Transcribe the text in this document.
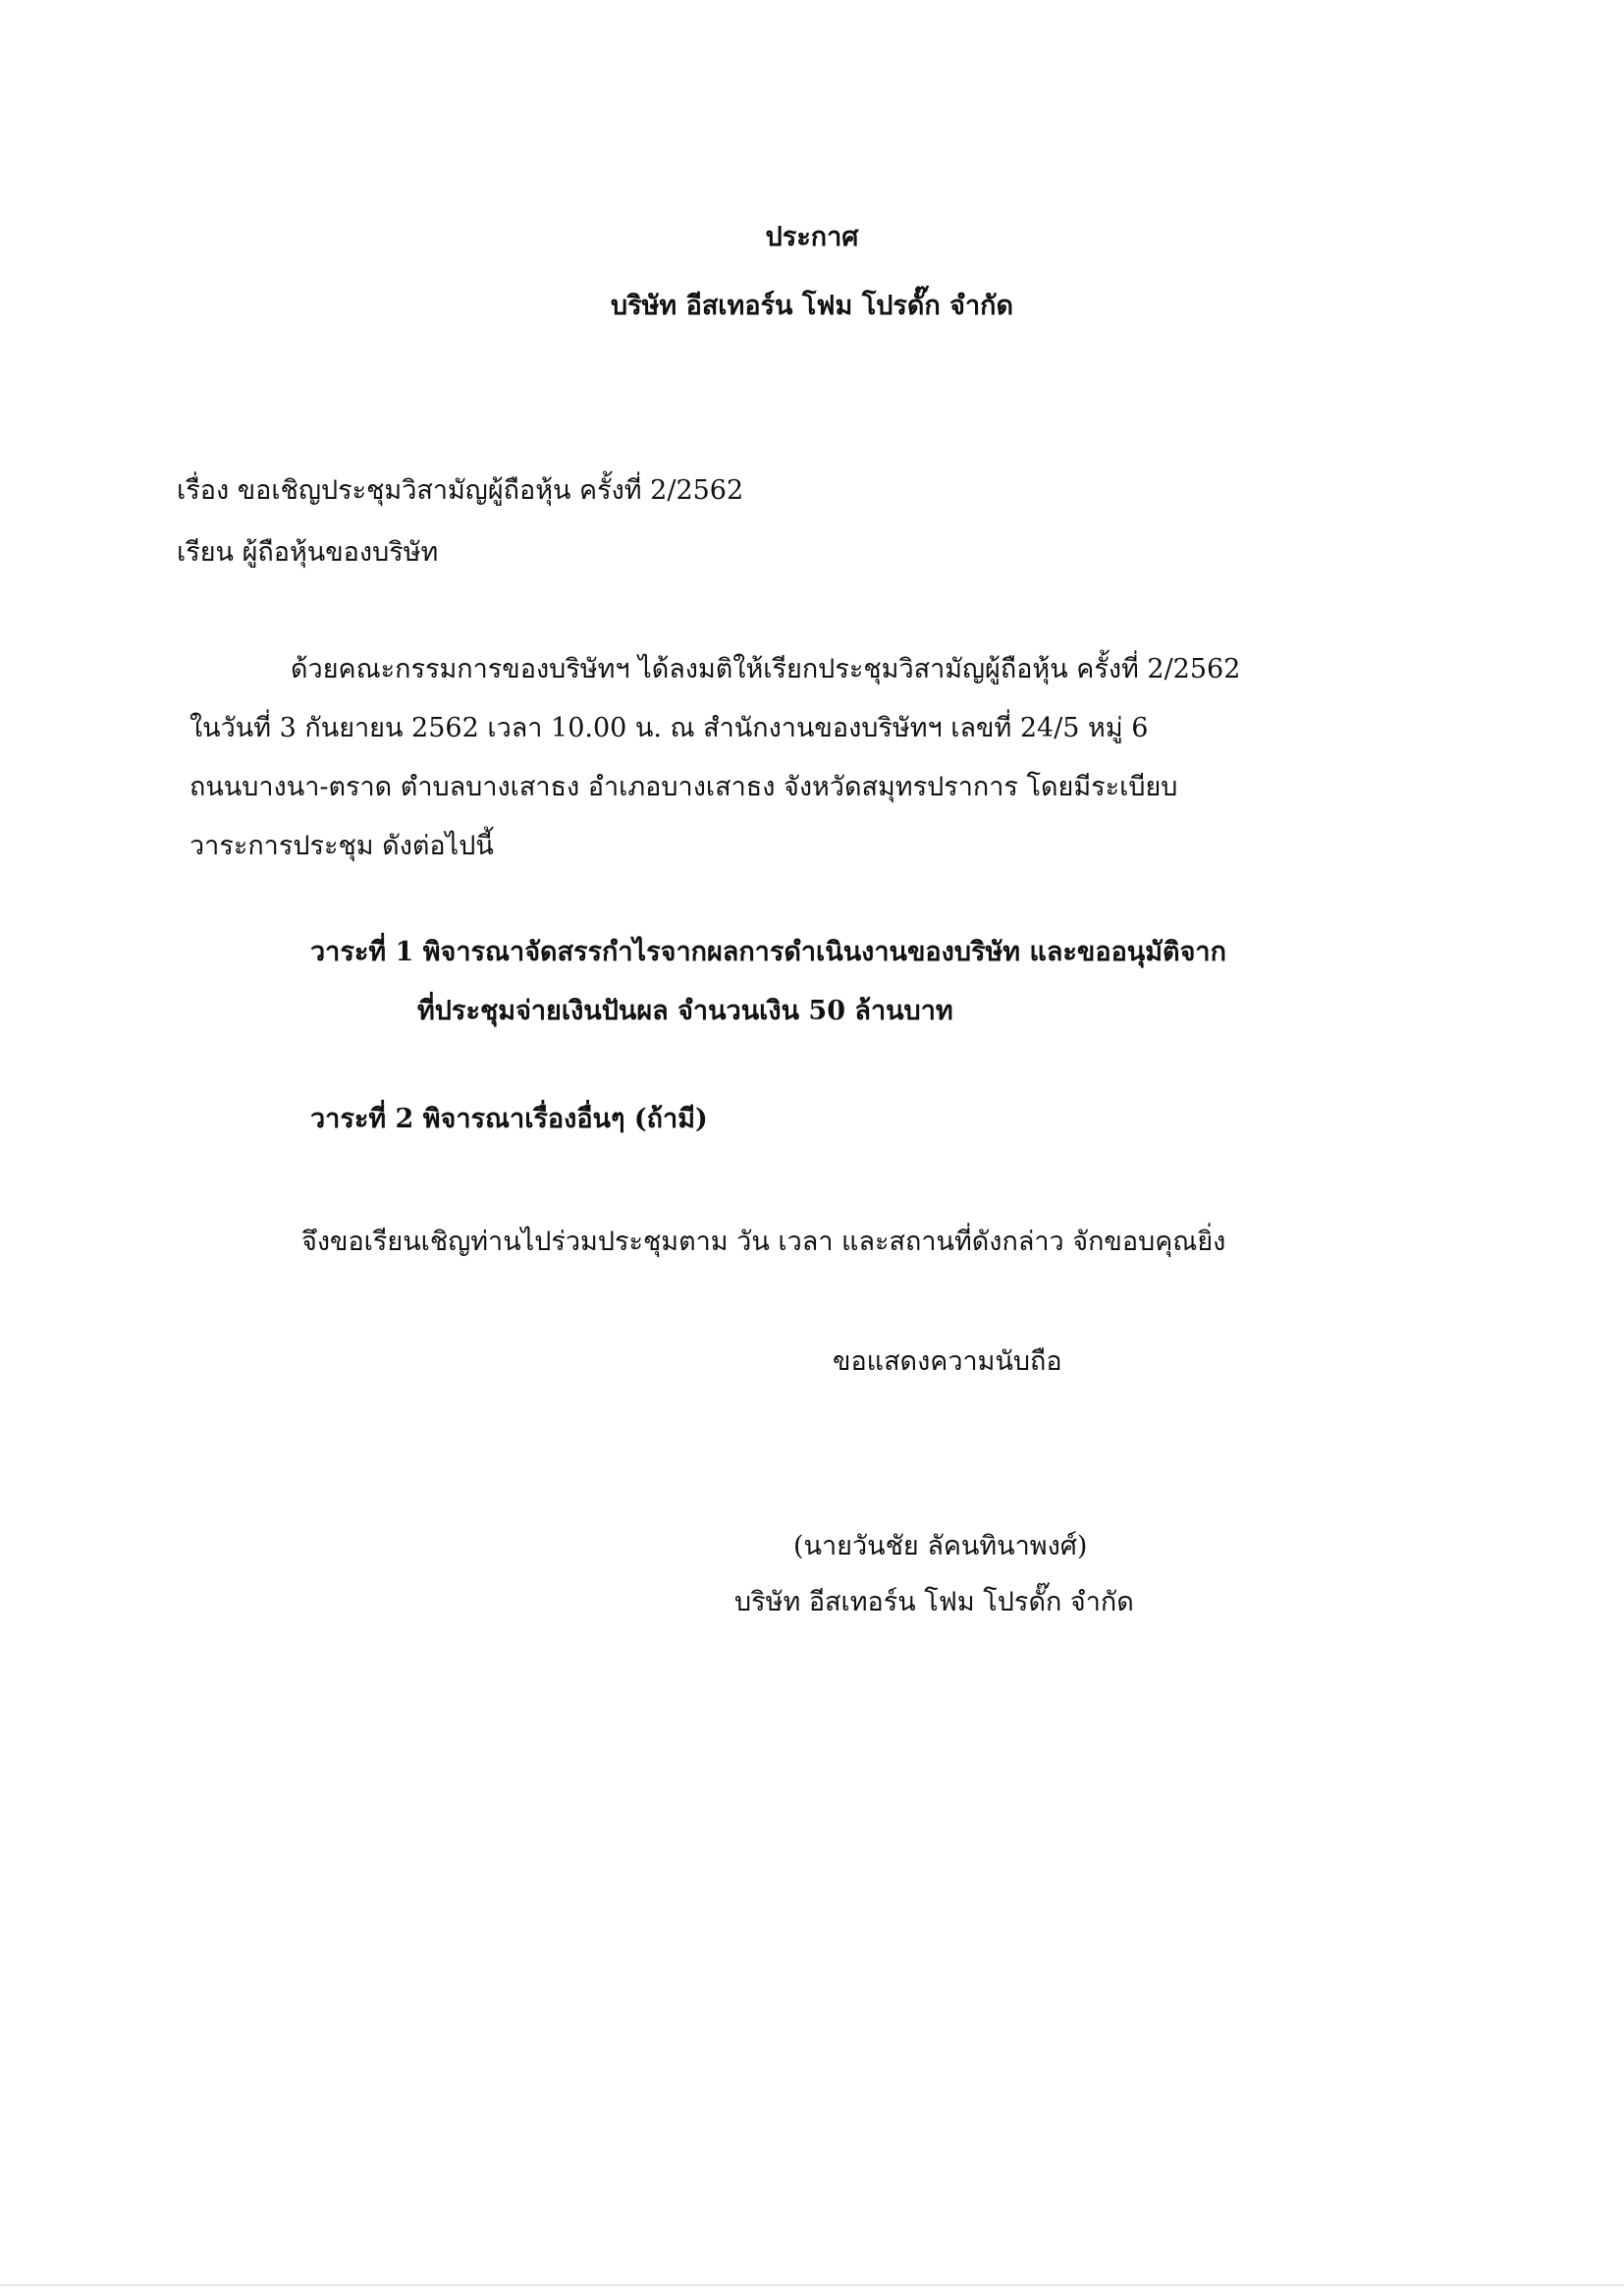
ประกาศ
บริษัท อีสเทอร์น โฟม โปรดั๊ก จำกัด
เรื่อง ขอเชิญประชุมวิสามัญผู้ถือหุ้น ครั้งที่ 2/2562
เรียน ผู้ถือหุ้นของบริษัท
ด้วยคณะกรรมการของบริษัทฯ ได้ลงมติให้เรียกประชุมวิสามัญผู้ถือหุ้น ครั้งที่ 2/2562
ในวันที่ 3 กันยายน 2562 เวลา 10.00 น. ณ สำนักงานของบริษัทฯ เลขที่ 24/5 หมู่ 6
ถนนบางนา-ตราด ตำบลบางเสาธง อำเภอบางเสาธง จังหวัดสมุทรปราการ โดยมีระเบียบ
วาระการประชุม ดังต่อไปนี้
วาระที่ 1 พิจารณาจัดสรรกำไรจากผลการดำเนินงานของบริษัท และขออนุมัติจาก
ที่ประชุมจ่ายเงินปันผล จำนวนเงิน 50 ล้านบาท
วาระที่ 2 พิจารณาเรื่องอื่นๆ (ถ้ามี)
จึงขอเรียนเชิญท่านไปร่วมประชุมตาม วัน เวลา และสถานที่ดังกล่าว จักขอบคุณยิ่ง
ขอแสดงความนับถือ
(นายวันชัย ลัคนทินาพงศ์)
บริษัท อีสเทอร์น โฟม โปรดั๊ก จำกัด
